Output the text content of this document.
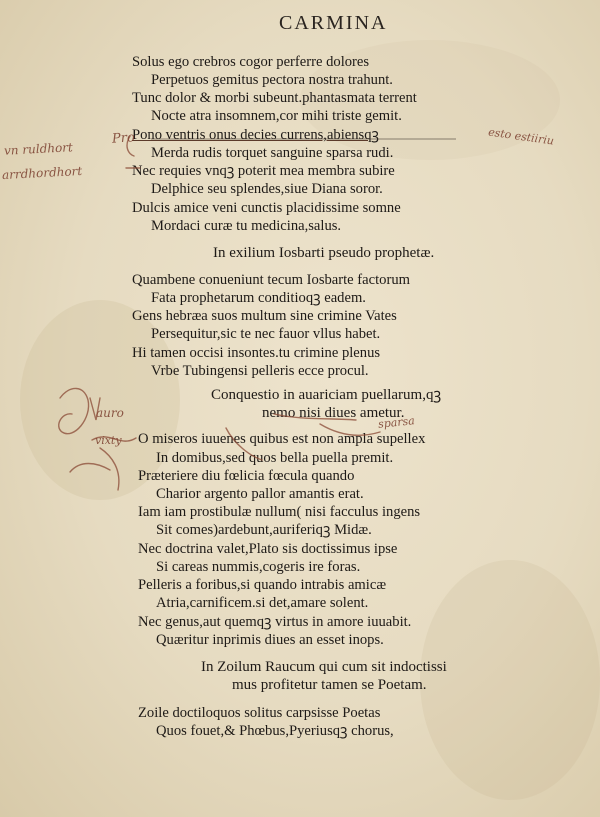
CARMINA
Solus ego crebros cogor perferre dolores
Perpetuos gemitus pectora nostra trahunt.
Tunc dolor & morbi subeunt.phantasmata terrent
Nocte atra insomnem,cor mihi triste gemit.
Pono ventris onus decies currens,abiensqꝫ
Merda rudis torquet sanguine sparsa rudi.
Nec requies vnqꝫ poterit mea membra subire
Delphice seu splendes,siue Diana soror.
Dulcis amice veni cunctis placidissime somne
Mordaci curæ tu medicina,salus.
In exilium Iosbarti pseudo prophetæ.
Quambene conueniunt tecum Iosbarte factorum
Fata prophetarum conditioqꝫ eadem.
Gens hebræa suos multum sine crimine Vates
Persequitur,sic te nec fauor vllus habet.
Hi tamen occisi insontes.tu crimine plenus
Vrbe Tubingensi pelleris ecce procul.
Conquestio in auariciam puellarum,qꝫ
nemo nisi diues ametur.
O miseros iuuenes quibus est non ampla supellex
In domibus,sed quos bella puella premit.
Præteriere diu fœlicia fœcula quando
Charior argento pallor amantis erat.
Iam iam prostibulæ nullum( nisi facculus ingens
Sit comes)ardebunt,auriferiqꝫ Midæ.
Nec doctrina valet,Plato sis doctissimus ipse
Si careas nummis,cogeris ire foras.
Pelleris a foribus,si quando intrabis amicæ
Atria,carnificem.si det,amare solent.
Nec genus,aut quemqꝫ virtus in amore iuuabit.
Quæritur inprimis diues an esset inops.
In Zoilum Raucum qui cum sit indoctissi
mus profitetur tamen se Poetam.
Zoile doctiloquos solitus carpsisse Poetas
Quos fouet,& Phœbus,Pyeriusqꝫ chorus,
Pro
vn ruldhort
esto estiiriu
arrdhordhort
auro
sparsa
vixty
